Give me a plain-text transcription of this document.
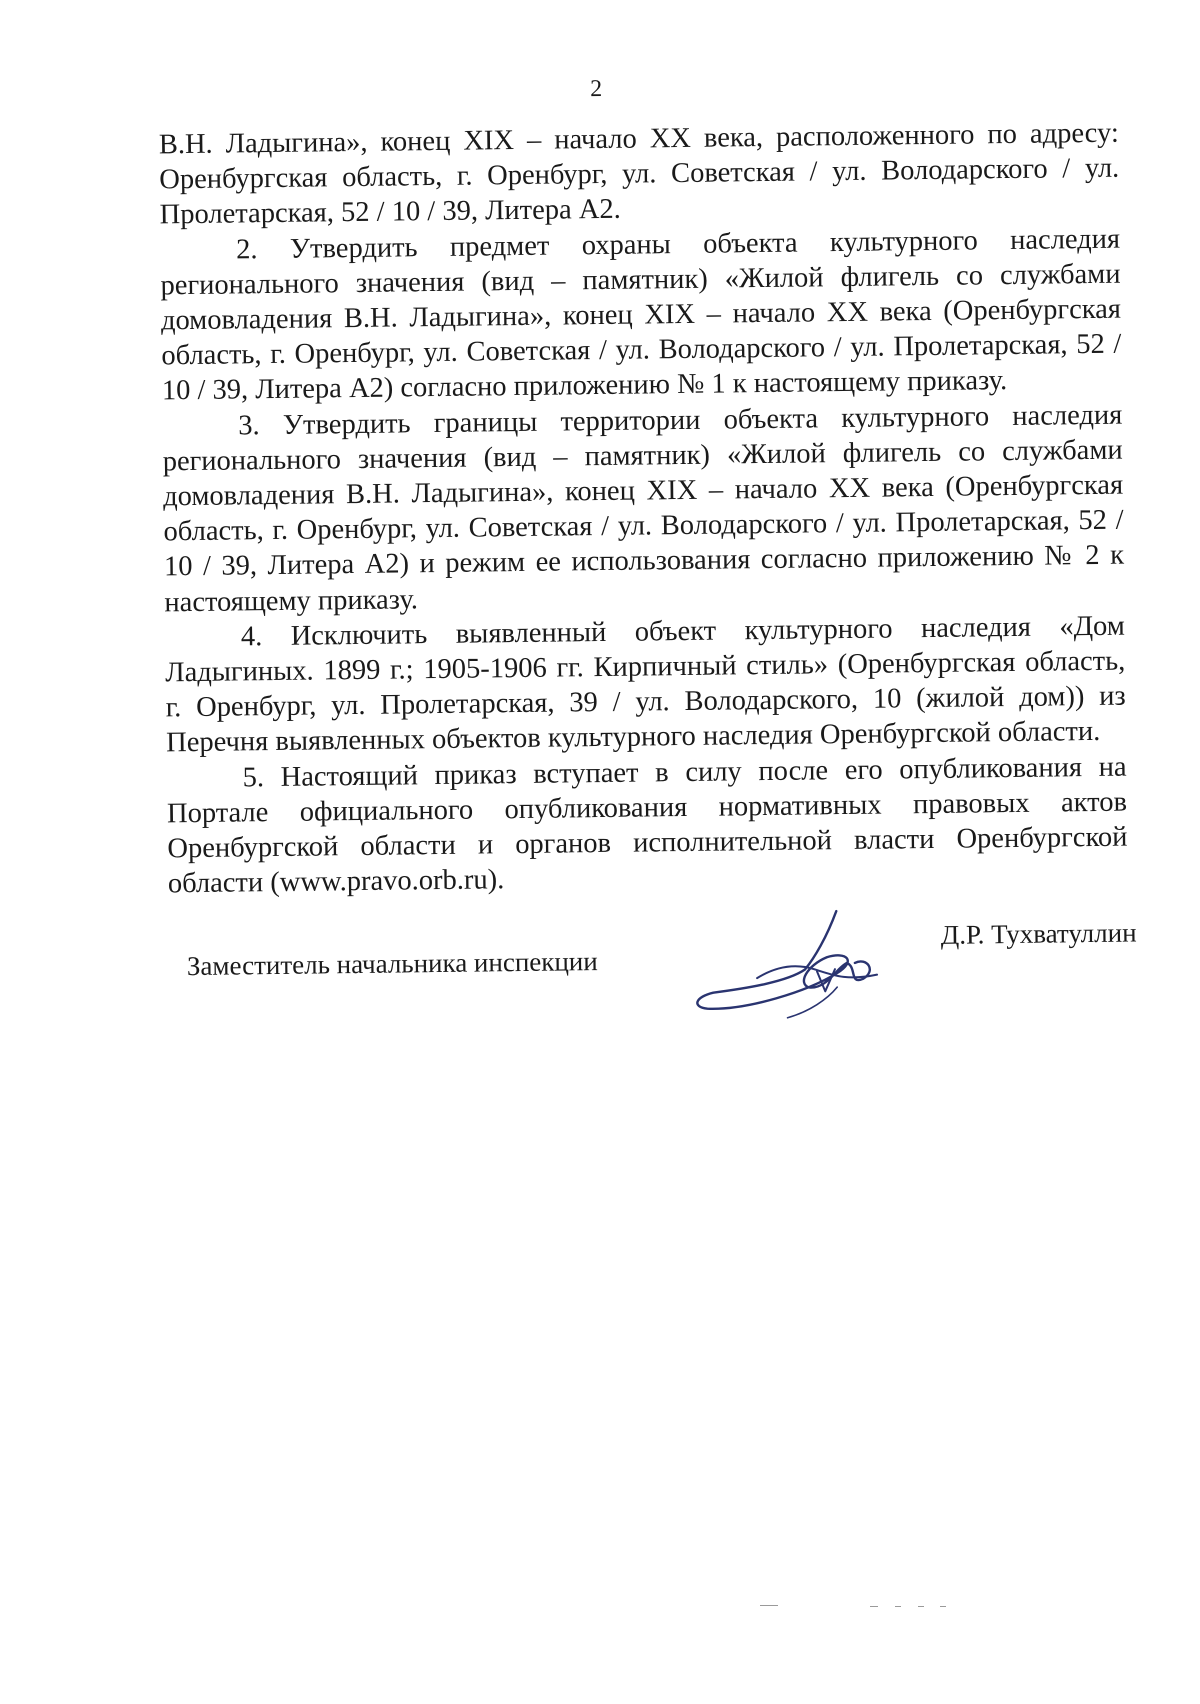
2

В.Н. Ладыгина», конец XIX – начало XX века, расположенного по адресу: Оренбургская область, г. Оренбург, ул. Советская / ул. Володарского / ул. Пролетарская, 52 / 10 / 39, Литера А2.

2. Утвердить предмет охраны объекта культурного наследия регионального значения (вид – памятник) «Жилой флигель со службами домовладения В.Н. Ладыгина», конец XIX – начало XX века (Оренбургская область, г. Оренбург, ул. Советская / ул. Володарского / ул. Пролетарская, 52 / 10 / 39, Литера А2) согласно приложению № 1 к настоящему приказу.

3. Утвердить границы территории объекта культурного наследия регионального значения (вид – памятник) «Жилой флигель со службами домовладения В.Н. Ладыгина», конец XIX – начало XX века (Оренбургская область, г. Оренбург, ул. Советская / ул. Володарского / ул. Пролетарская, 52 / 10 / 39, Литера А2) и режим ее использования согласно приложению № 2 к настоящему приказу.

4. Исключить выявленный объект культурного наследия «Дом Ладыгиных. 1899 г.; 1905-1906 гг. Кирпичный стиль» (Оренбургская область, г. Оренбург, ул. Пролетарская, 39 / ул. Володарского, 10 (жилой дом)) из Перечня выявленных объектов культурного наследия Оренбургской области.

5. Настоящий приказ вступает в силу после его опубликования на Портале официального опубликования нормативных правовых актов Оренбургской области и органов исполнительной власти Оренбургской области (www.pravo.orb.ru).

Заместитель начальника инспекции
Д.Р. Тухватуллин
